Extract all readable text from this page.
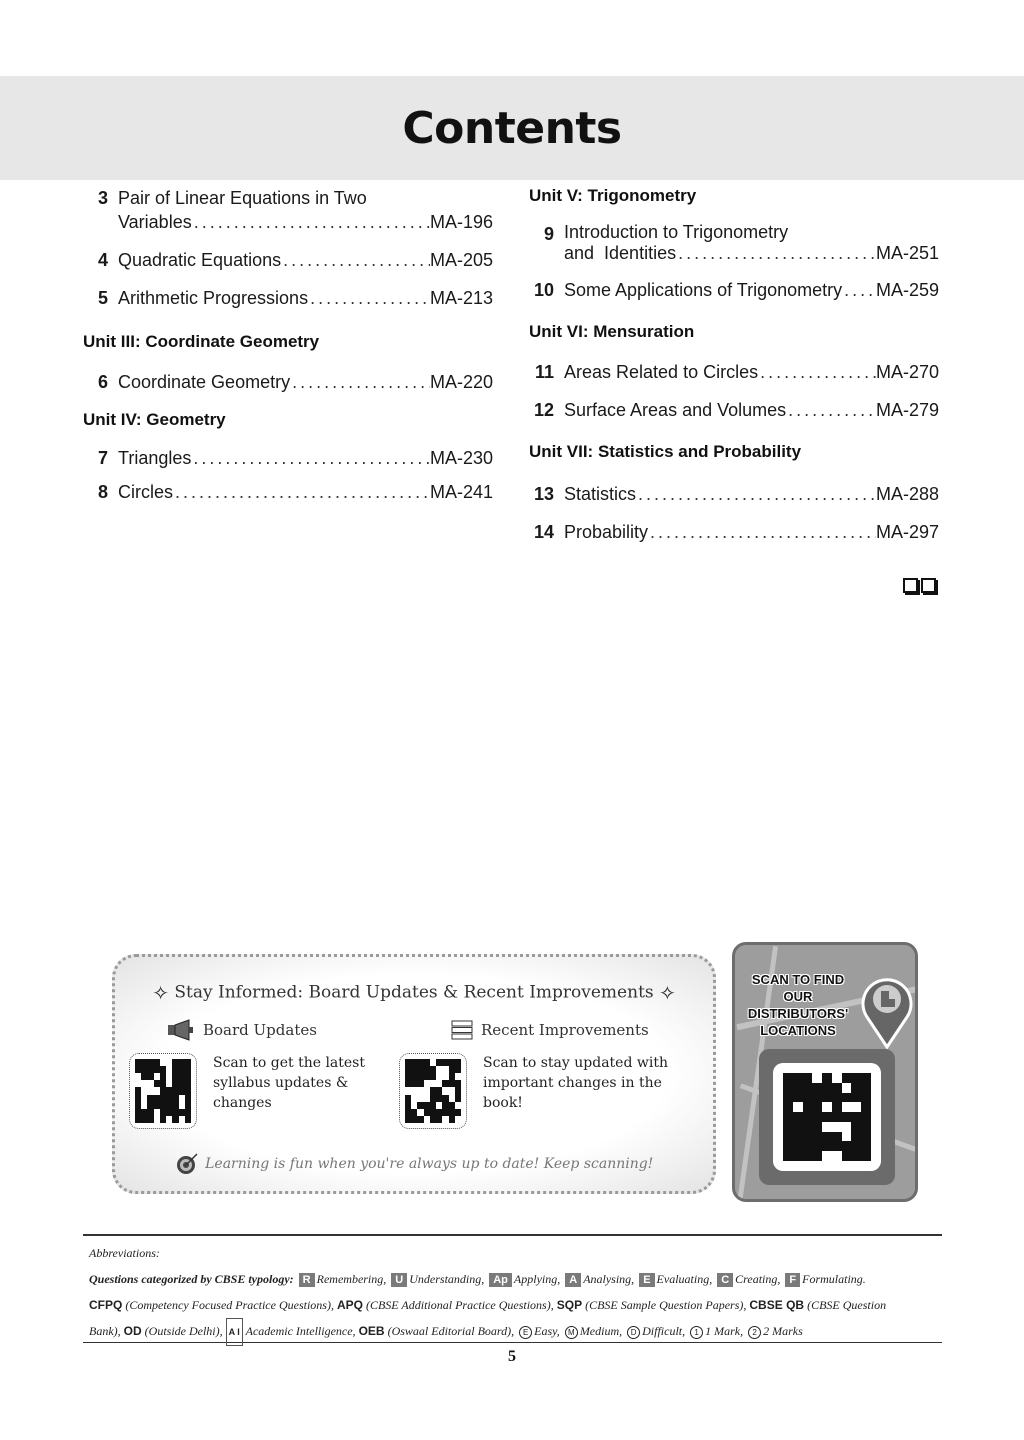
Contents
3 Pair of Linear Equations in Two
Variables . . .	MA-196
4 Quadratic Equations . . .	MA-205
5 Arithmetic Progressions . . .	MA-213
Unit III: Coordinate Geometry
6 Coordinate Geometry . . .	MA-220
Unit IV: Geometry
7 Triangles . . .	MA-230
8 Circles . . .	MA-241
Unit V: Trigonometry
9 Introduction to Trigonometry
and  Identities . . .	MA-251
10 Some Applications of Trigonometry . . . MA-259
Unit VI: Mensuration
11 Areas Related to Circles . . .	MA-270
12 Surface Areas and Volumes . . .	MA-279
Unit VII: Statistics and Probability
13 Statistics . . .	MA-288
14 Probability . . .	MA-297
✧ Stay Informed: Board Updates & Recent Improvements ✧
Board Updates	Recent Improvements
Scan to get the latest syllabus updates & changes
Scan to stay updated with important changes in the book!
Learning is fun when you're always up to date! Keep scanning!
SCAN TO FIND OUR DISTRIBUTORS' LOCATIONS

Abbreviations:

Questions categorized by CBSE typology: R Remembering, U Understanding, Ap Applying, A Analysing, E Evaluating, C Creating, F Formulating.

CFPQ (Competency Focused Practice Questions), APQ (CBSE Additional Practice Questions), SQP (CBSE Sample Question Papers), CBSE QB (CBSE Question

Bank), OD (Outside Delhi), A I Academic Intelligence, OEB (Oswaal Editorial Board), E Easy, M Medium, D Difficult, 1 1 Mark, 2 2 Marks

5
